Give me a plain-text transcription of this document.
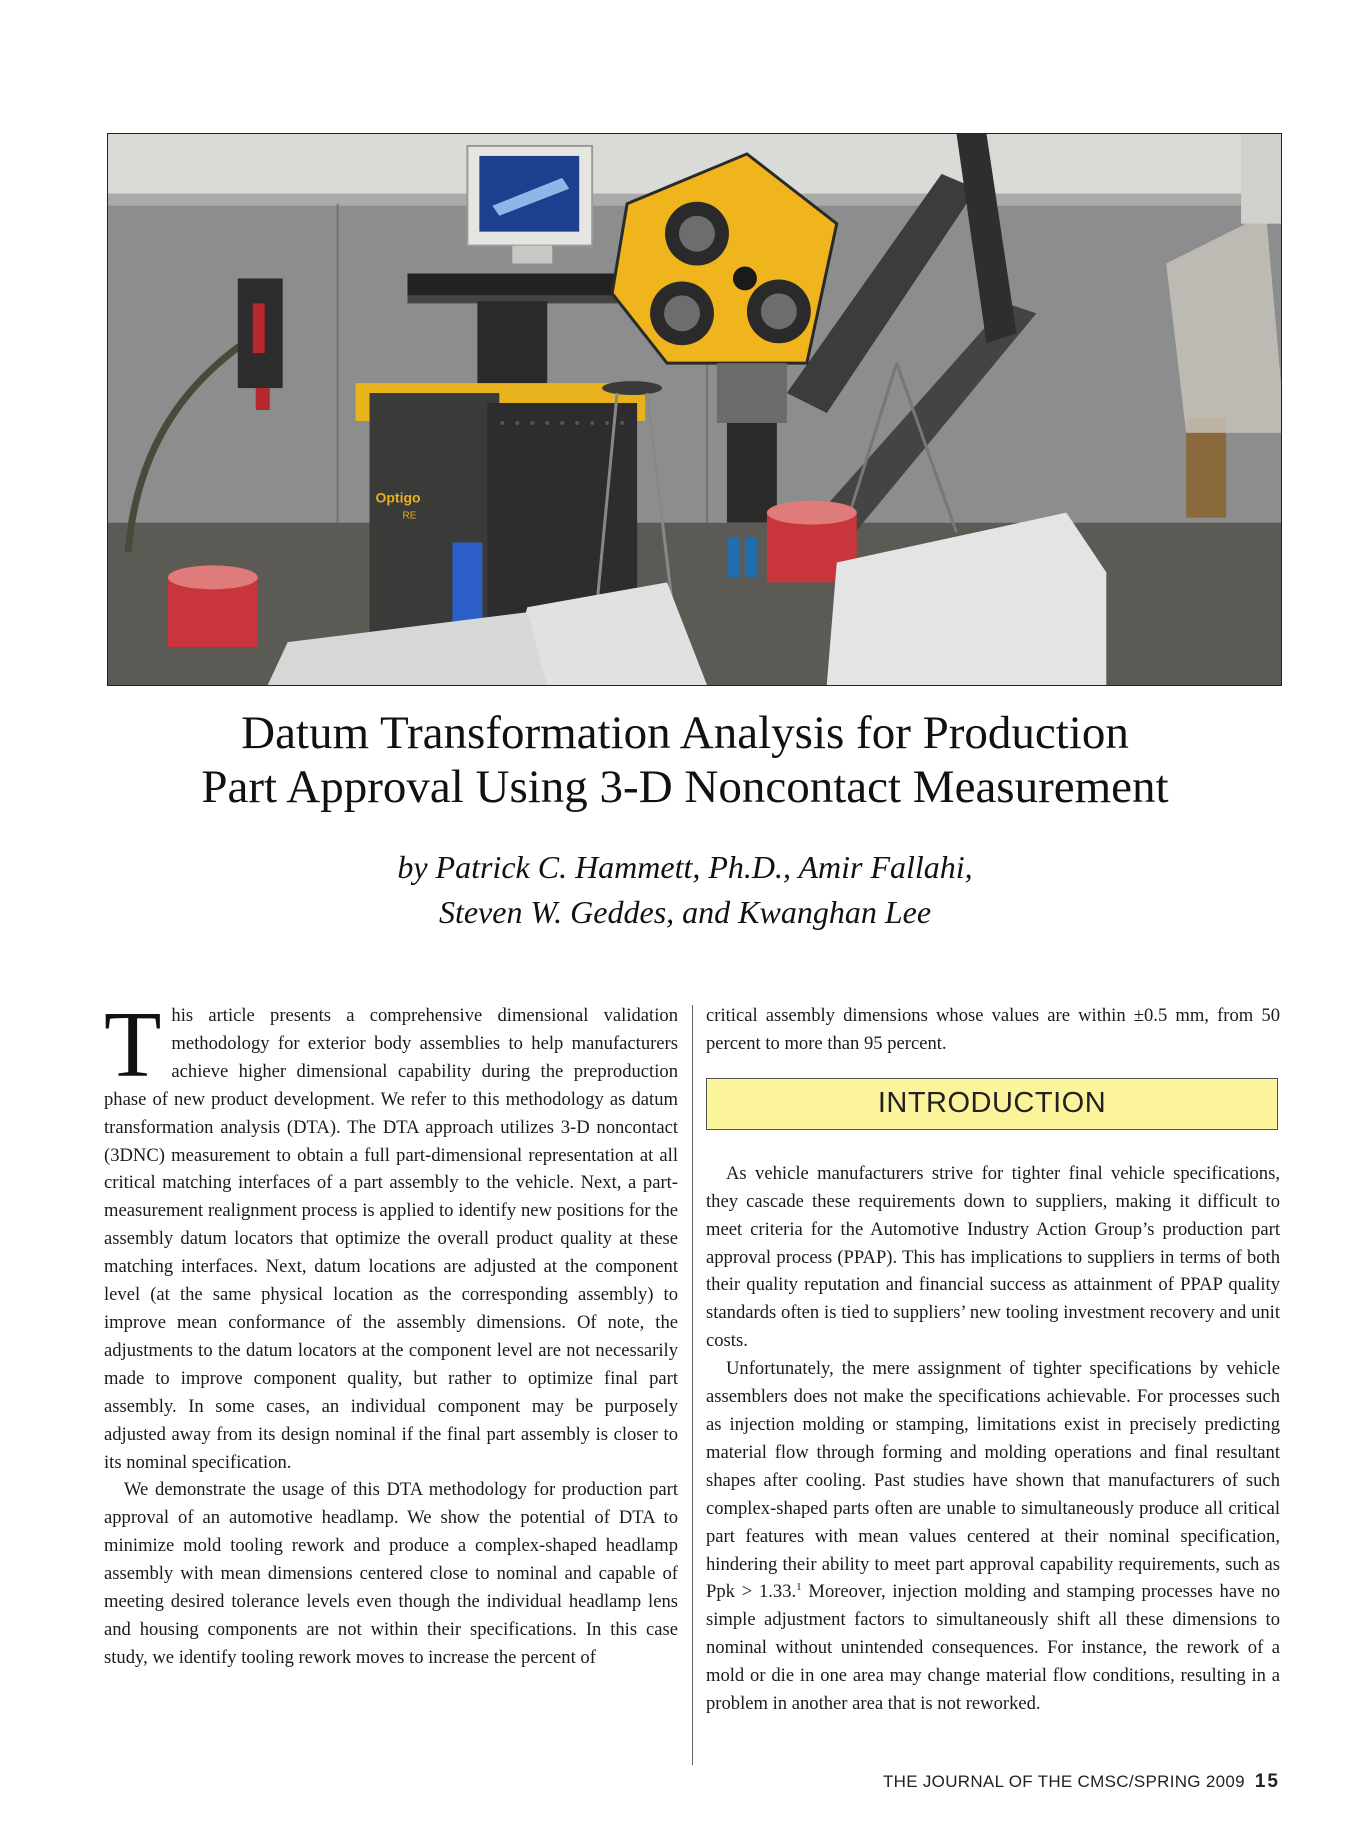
Optigo
RE
Datum Transformation Analysis for Production
Part Approval Using 3-D Noncontact Measurement
by Patrick C. Hammett, Ph.D., Amir Fallahi,
Steven W. Geddes, and Kwanghan Lee

This article presents a comprehensive dimensional validation methodology for exterior body assemblies to help manufacturers achieve higher dimensional capability during the preproduction phase of new product development. We refer to this methodology as datum transformation analysis (DTA). The DTA approach utilizes 3-D noncontact (3DNC) measurement to obtain a full part-dimensional representation at all critical matching interfaces of a part assembly to the vehicle. Next, a part-measurement realignment process is applied to identify new positions for the assembly datum locators that optimize the overall product quality at these matching interfaces. Next, datum locations are adjusted at the component level (at the same physical location as the corresponding assembly) to improve mean conformance of the assembly dimensions. Of note, the adjustments to the datum locators at the component level are not necessarily made to improve component quality, but rather to optimize final part assembly. In some cases, an individual component may be purposely adjusted away from its design nominal if the final part assembly is closer to its nominal specification.

We demonstrate the usage of this DTA methodology for production part approval of an automotive headlamp. We show the potential of DTA to minimize mold tooling rework and produce a complex-shaped headlamp assembly with mean dimensions centered close to nominal and capable of meeting desired tolerance levels even though the individual headlamp lens and housing components are not within their specifications. In this case study, we identify tooling rework moves to increase the percent of

critical assembly dimensions whose values are within ±0.5 mm, from 50 percent to more than 95 percent.

INTRODUCTION

As vehicle manufacturers strive for tighter final vehicle specifications, they cascade these requirements down to suppliers, making it difficult to meet criteria for the Automotive Industry Action Group’s production part approval process (PPAP). This has implications to suppliers in terms of both their quality reputation and financial success as attainment of PPAP quality standards often is tied to suppliers’ new tooling investment recovery and unit costs.

Unfortunately, the mere assignment of tighter specifications by vehicle assemblers does not make the specifications achievable. For processes such as injection molding or stamping, limitations exist in precisely predicting material flow through forming and molding operations and final resultant shapes after cooling. Past studies have shown that manufacturers of such complex-shaped parts often are unable to simultaneously produce all critical part features with mean values centered at their nominal specification, hindering their ability to meet part approval capability requirements, such as Ppk > 1.33.$^1$ Moreover, injection molding and stamping processes have no simple adjustment factors to simultaneously shift all these dimensions to nominal without unintended consequences. For instance, the rework of a mold or die in one area may change material flow conditions, resulting in a problem in another area that is not reworked.

THE JOURNAL OF THE CMSC/SPRING 2009 15
